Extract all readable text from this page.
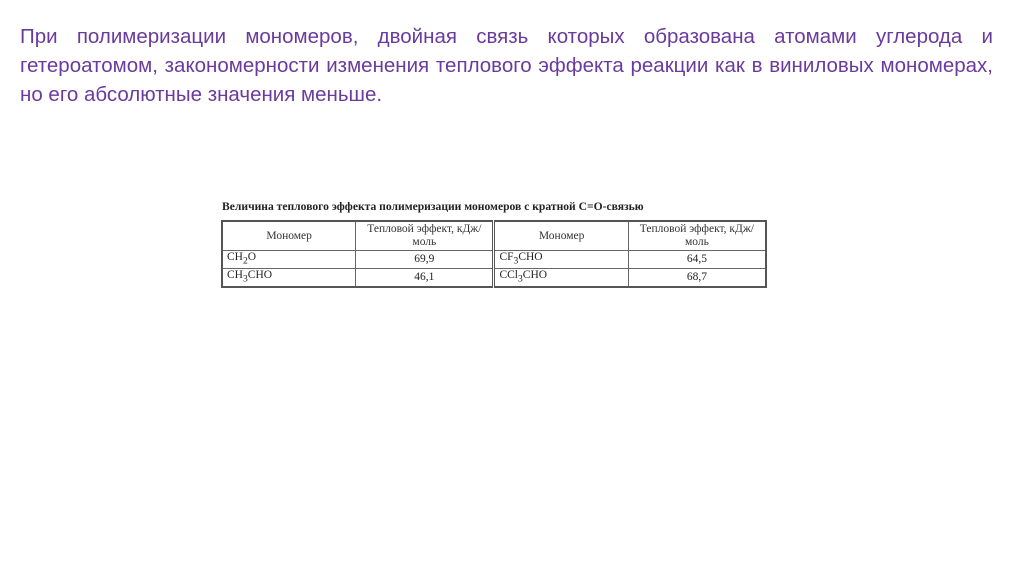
При полимеризации мономеров, двойная связь которых образована атомами углерода и гетероатомом, закономерности изменения теплового эффекта реакции как в виниловых мономерах, но его абсолютные значения меньше.

Величина теплового эффекта полимеризации мономеров с кратной C=O-связью
Мономер	Тепловой эффект, кДж/моль	Мономер	Тепловой эффект, кДж/моль
$CH_2O$	69,9	$CF_3CHO$	64,5
$CH_3CHO$	46,1	CCl$_3$CHO	68,7
